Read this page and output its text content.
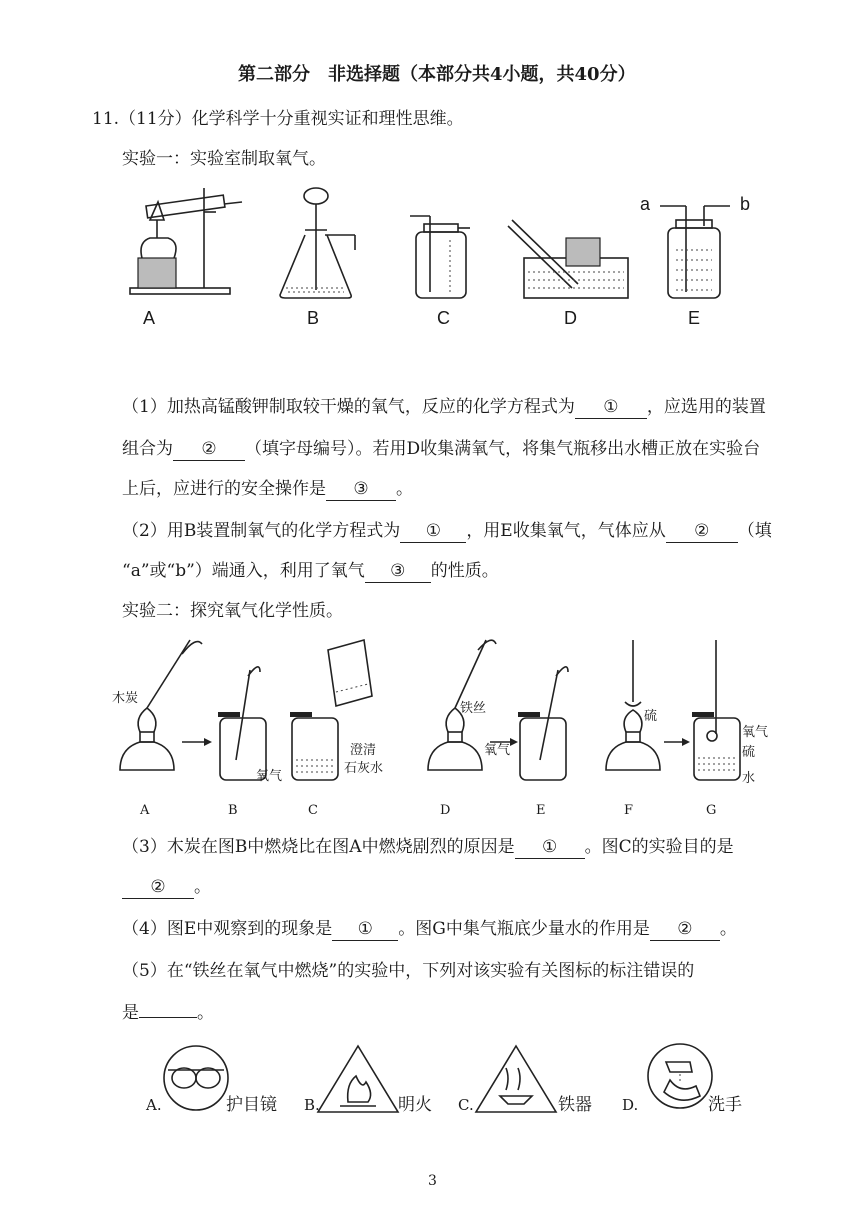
第二部分　非选择题（本部分共4小题，共40分）
11.（11分）化学科学十分重视实证和理性思维。
实验一：实验室制取氧气。
a	b
A	B	C	D	E
（1）加热高锰酸钾制取较干燥的氧气，反应的化学方程式为 ① ，应选用的装置
组合为 ② （填字母编号）。若用D收集满氧气，将集气瓶移出水槽正放在实验台
上后，应进行的安全操作是 ③ 。
（2）用B装置制氧气的化学方程式为 ① ，用E收集氧气，气体应从 ② （填
“a”或“b”）端通入，利用了氧气 ③ 的性质。
实验二：探究氧气化学性质。
木炭
氧气
澄清
石灰水
铁丝
氧气
硫
氧气
硫
水
A	B	C	D	E	F	G
（3）木炭在图B中燃烧比在图A中燃烧剧烈的原因是 ① 。图C的实验目的是
② 。
（4）图E中观察到的现象是 ① 。图G中集气瓶底少量水的作用是 ② 。
（5）在“铁丝在氧气中燃烧”的实验中，下列对该实验有关图标的标注错误的
是	。
A.	护目镜 B.	明火 C.	铁器 D.	洗手
3
